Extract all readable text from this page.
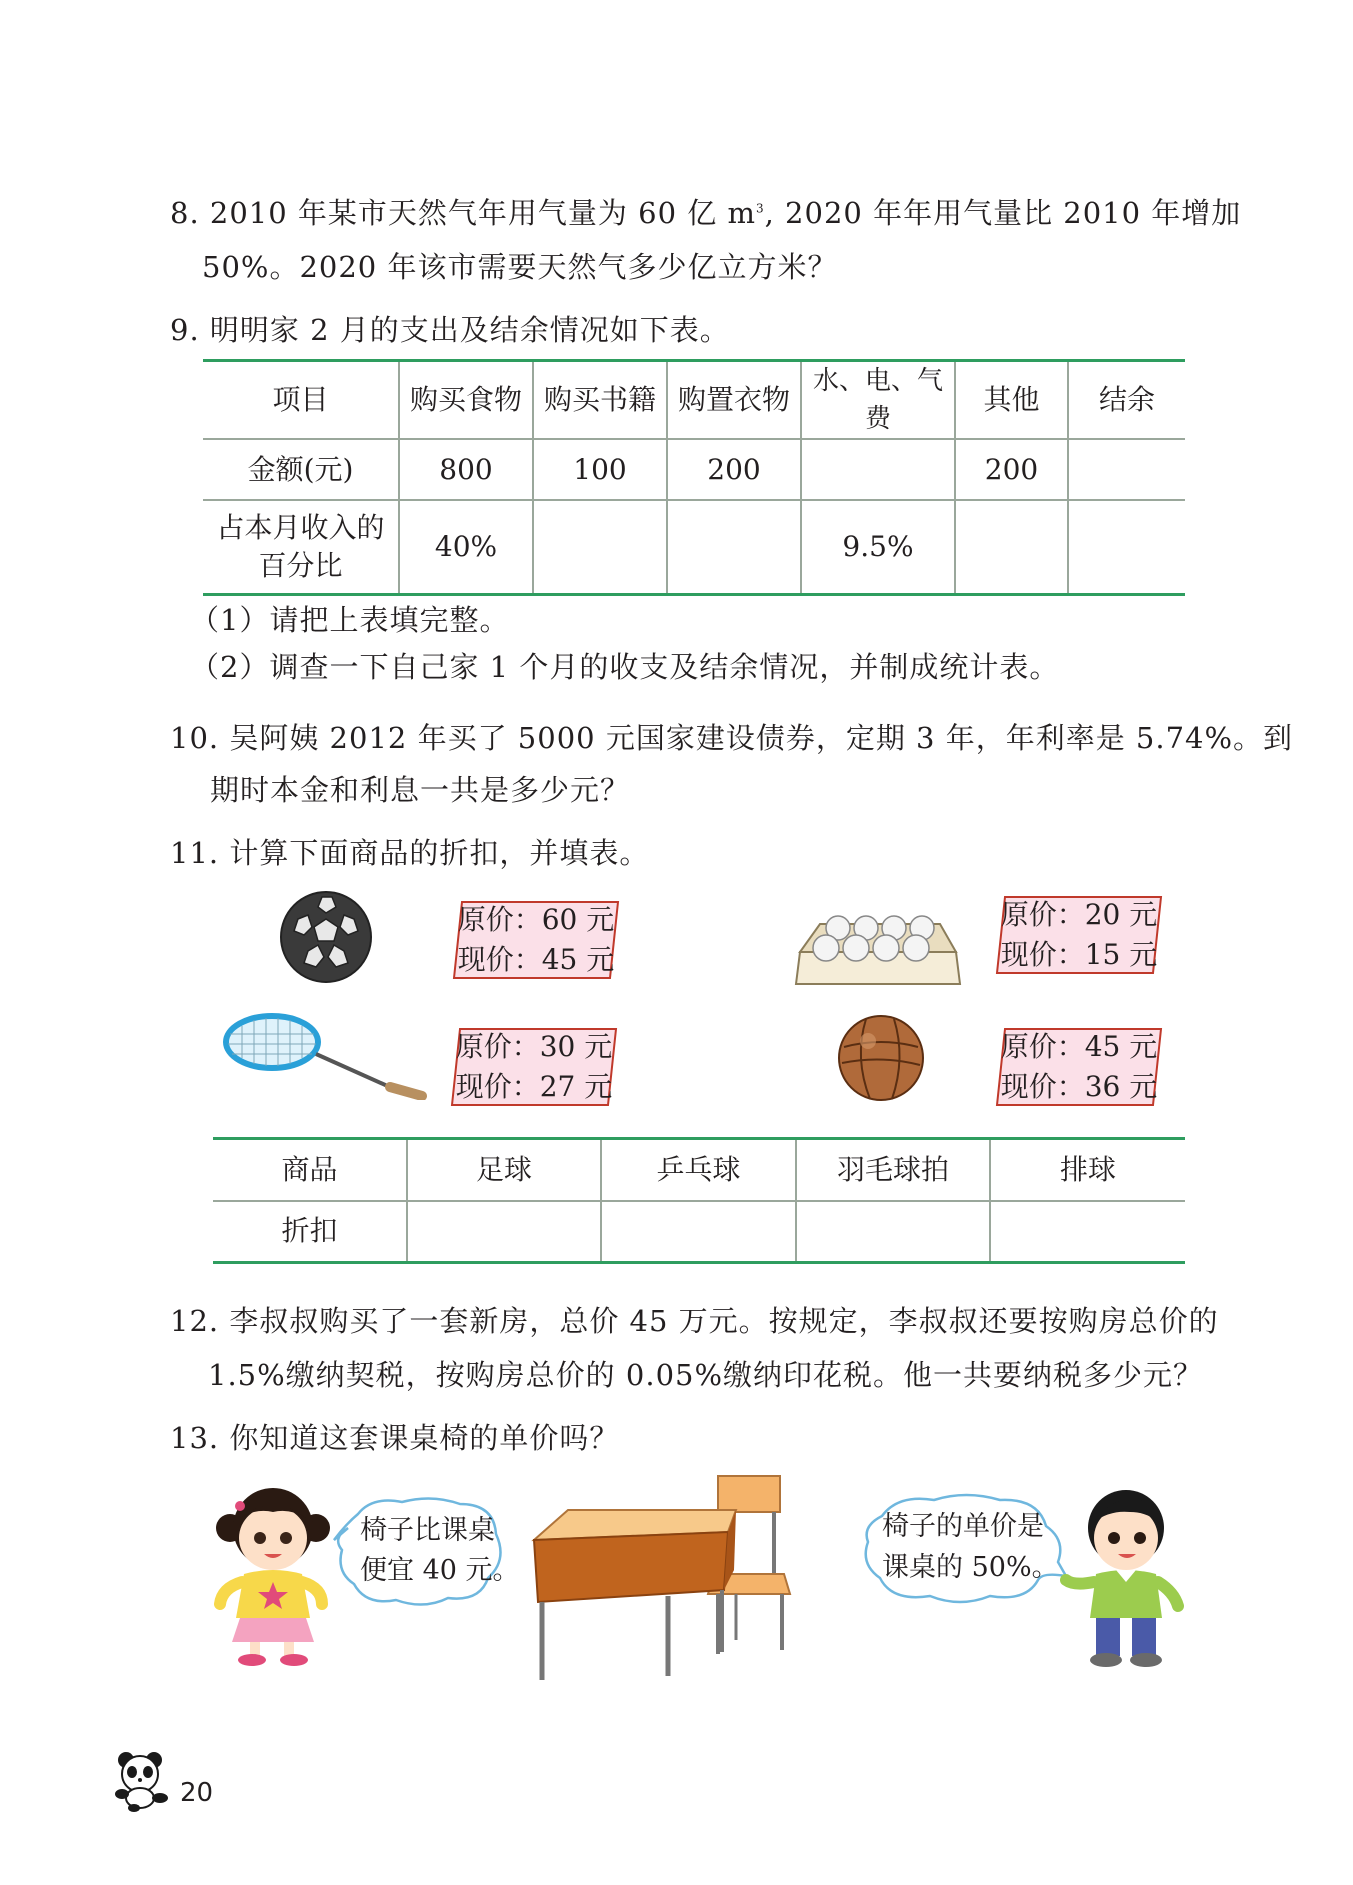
8. 2010 年某市天然气年用气量为 60 亿 $m^3$, 2020 年年用气量比 2010 年增加
50%。2020 年该市需要天然气多少亿立方米？
9. 明明家 2 月的支出及结余情况如下表。
项目	购买食物	购买书籍	购置衣物	水、电、气费	其他	结余
金额(元)	800	100	200		200	

占本月收入的
百分比	40%			9.5%		
（1）请把上表填完整。
（2）调查一下自己家 1 个月的收支及结余情况，并制成统计表。
10. 吴阿姨 2012 年买了 5000 元国家建设债券，定期 3 年，年利率是 5.74%。到
期时本金和利息一共是多少元？
11. 计算下面商品的折扣，并填表。
原价：60 元
现价：45 元
原价：20 元
现价：15 元
原价：30 元
现价：27 元
原价：45 元
现价：36 元
商品	足球	乒乓球	羽毛球拍	排球
折扣				
12. 李叔叔购买了一套新房，总价 45 万元。按规定，李叔叔还要按购房总价的
1.5%缴纳契税，按购房总价的 0.05%缴纳印花税。他一共要纳税多少元？
13. 你知道这套课桌椅的单价吗？
椅子比课桌
便宜 40 元。
椅子的单价是
课桌的 50%。
20
